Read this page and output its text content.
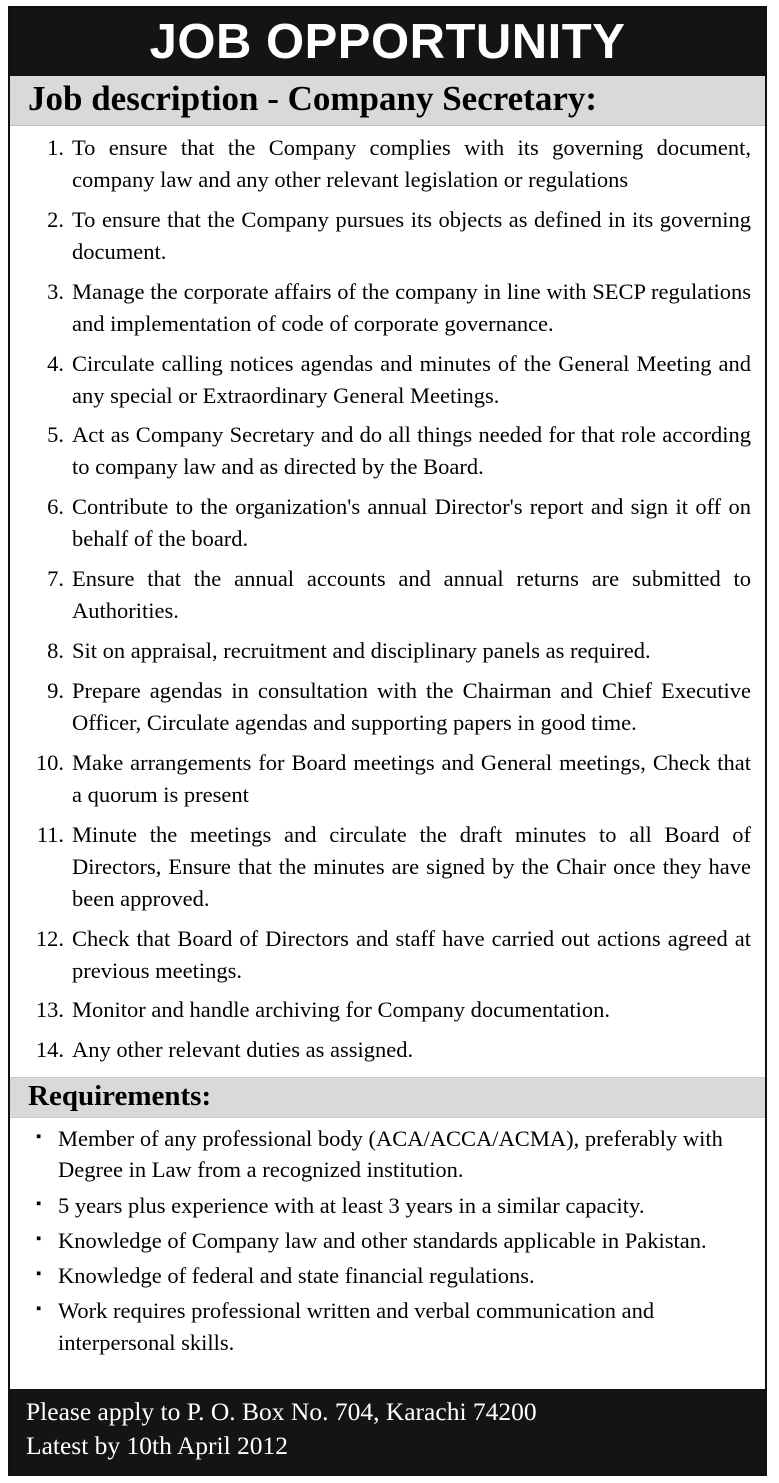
JOB OPPORTUNITY
Job description - Company Secretary:
1. To ensure that the Company complies with its governing document, company law and any other relevant legislation or regulations
2. To ensure that the Company pursues its objects as defined in its governing document.
3. Manage the corporate affairs of the company in line with SECP regulations and implementation of code of corporate governance.
4. Circulate calling notices agendas and minutes of the General Meeting and any special or Extraordinary General Meetings.
5. Act as Company Secretary and do all things needed for that role according to company law and as directed by the Board.
6. Contribute to the organization's annual Director's report and sign it off on behalf of the board.
7. Ensure that the annual accounts and annual returns are submitted to Authorities.
8. Sit on appraisal, recruitment and disciplinary panels as required.
9. Prepare agendas in consultation with the Chairman and Chief Executive Officer, Circulate agendas and supporting papers in good time.
10. Make arrangements for Board meetings and General meetings, Check that a quorum is present
11. Minute the meetings and circulate the draft minutes to all Board of Directors, Ensure that the minutes are signed by the Chair once they have been approved.
12. Check that Board of Directors and staff have carried out actions agreed at previous meetings.
13. Monitor and handle archiving for Company documentation.
14. Any other relevant duties as assigned.
Requirements:
▪ Member of any professional body (ACA/ACCA/ACMA), preferably with Degree in Law from a recognized institution.
▪ 5 years plus experience with at least 3 years in a similar capacity.
▪ Knowledge of Company law and other standards applicable in Pakistan.
▪ Knowledge of federal and state financial regulations.
▪ Work requires professional written and verbal communication and interpersonal skills.
Please apply to P. O. Box No. 704, Karachi 74200
Latest by 10th April 2012
